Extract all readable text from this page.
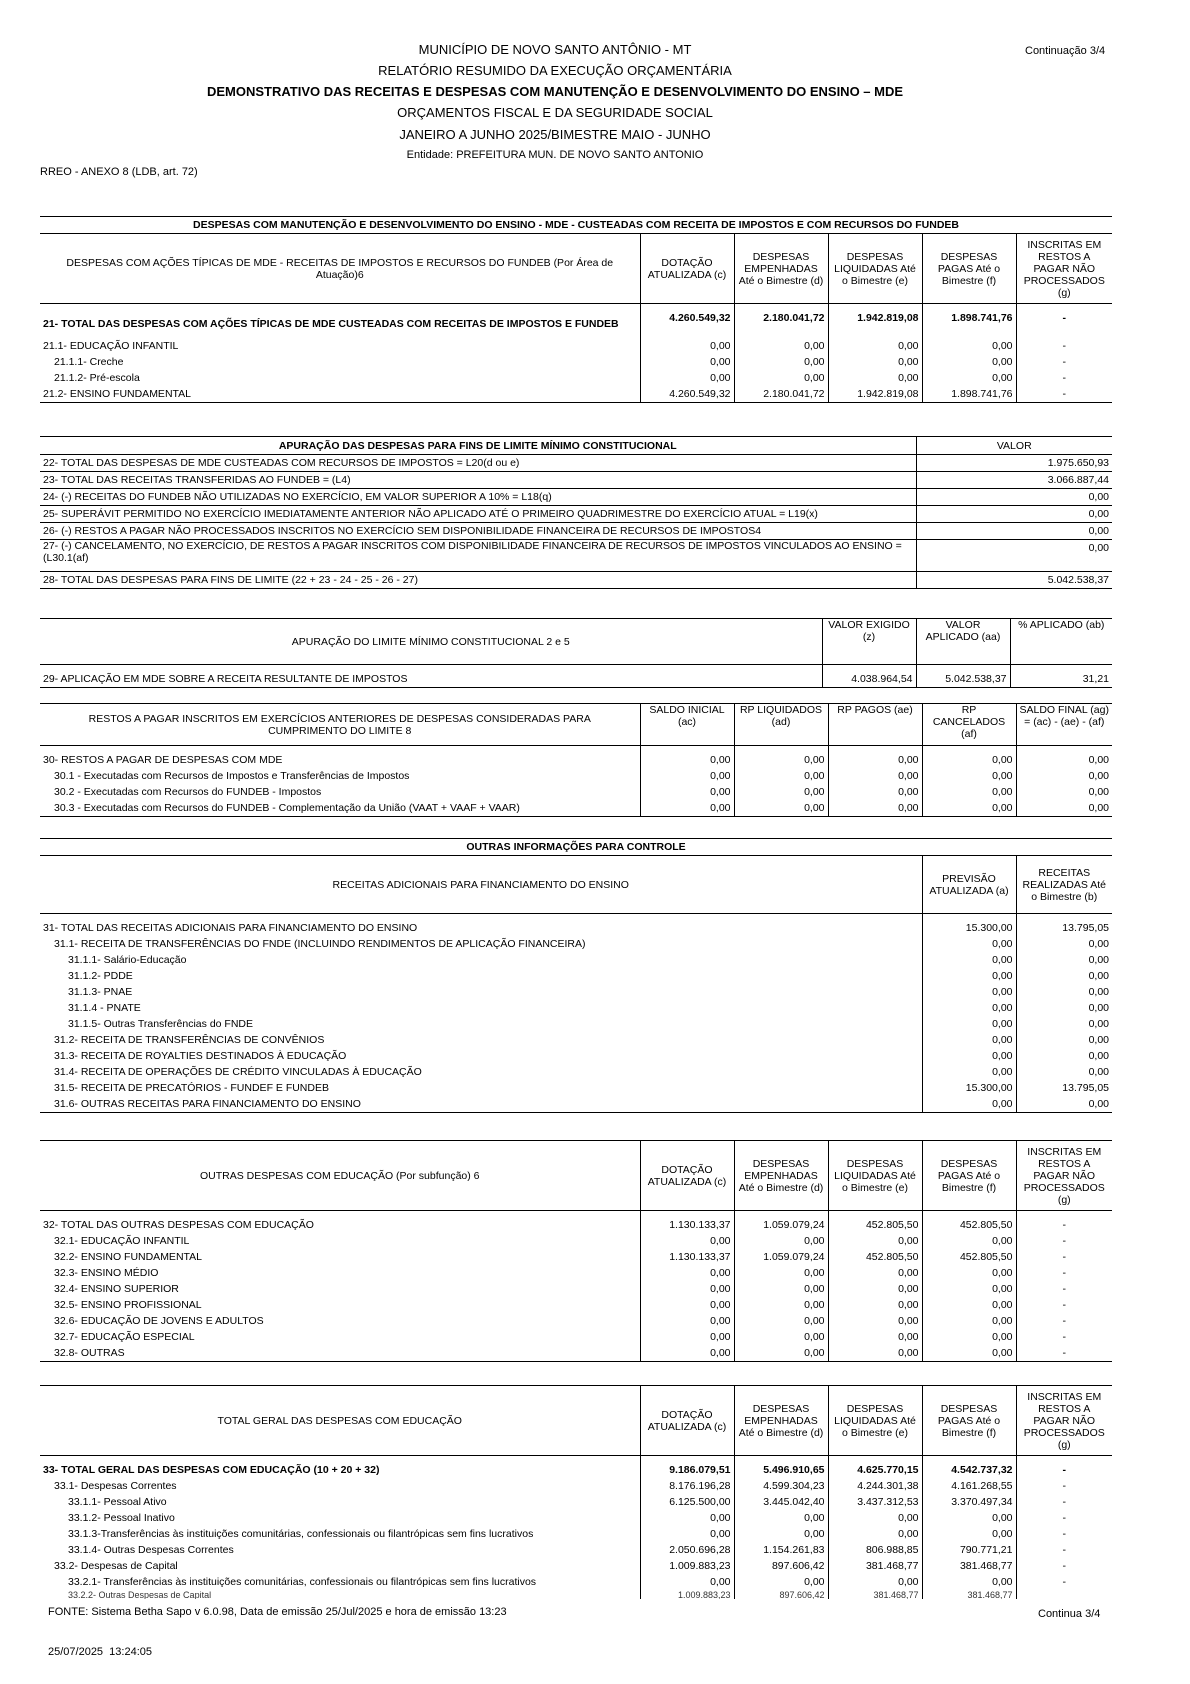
MUNICÍPIO DE NOVO SANTO ANTÔNIO - MT
RELATÓRIO RESUMIDO DA EXECUÇÃO ORÇAMENTÁRIA
DEMONSTRATIVO DAS RECEITAS E DESPESAS COM MANUTENÇÃO E DESENVOLVIMENTO DO ENSINO – MDE
ORÇAMENTOS FISCAL E DA SEGURIDADE SOCIAL
JANEIRO A JUNHO 2025/BIMESTRE MAIO - JUNHO
Entidade: PREFEITURA MUN. DE NOVO SANTO ANTONIO
Continuação 3/4
RREO - ANEXO 8 (LDB, art. 72)
DESPESAS COM MANUTENÇÃO E DESENVOLVIMENTO DO ENSINO - MDE - CUSTEADAS COM RECEITA DE IMPOSTOS E COM RECURSOS DO FUNDEB					
DESPESAS COM AÇÕES TÍPICAS DE MDE - RECEITAS DE IMPOSTOS E RECURSOS DO FUNDEB (Por Área de Atuação)6	DOTAÇÃO ATUALIZADA (c)	DESPESAS EMPENHADAS Até o Bimestre (d)	DESPESAS LIQUIDADAS Até o Bimestre (e)	DESPESAS PAGAS Até o Bimestre (f)	INSCRITAS EM RESTOS A PAGAR NÃO PROCESSADOS (g)

21- TOTAL DAS DESPESAS COM AÇÕES TÍPICAS DE MDE CUSTEADAS COM RECEITAS DE IMPOSTOS E FUNDEB	4.260.549,32	2.180.041,72	1.942.819,08	1.898.741,76	-
21.1- EDUCAÇÃO INFANTIL	0,00	0,00	0,00	0,00	-
21.1.1- Creche	0,00	0,00	0,00	0,00	-
21.1.2- Pré-escola	0,00	0,00	0,00	0,00	-
21.2- ENSINO FUNDAMENTAL	4.260.549,32	2.180.041,72	1.942.819,08	1.898.741,76	-
APURAÇÃO DAS DESPESAS PARA FINS DE LIMITE MÍNIMO CONSTITUCIONAL	VALOR
22- TOTAL DAS DESPESAS DE MDE CUSTEADAS COM RECURSOS DE IMPOSTOS = L20(d ou e)	1.975.650,93
23- TOTAL DAS RECEITAS TRANSFERIDAS AO FUNDEB = (L4)	3.066.887,44
24- (-) RECEITAS DO FUNDEB NÃO UTILIZADAS NO EXERCÍCIO, EM VALOR SUPERIOR A 10% = L18(q)	0,00
25- SUPERÁVIT PERMITIDO NO EXERCÍCIO IMEDIATAMENTE ANTERIOR NÃO APLICADO ATÉ O PRIMEIRO QUADRIMESTRE DO EXERCÍCIO ATUAL = L19(x)	0,00
26- (-) RESTOS A PAGAR NÃO PROCESSADOS INSCRITOS NO EXERCÍCIO SEM DISPONIBILIDADE FINANCEIRA DE RECURSOS DE IMPOSTOS4	0,00
27- (-) CANCELAMENTO, NO EXERCÍCIO, DE RESTOS A PAGAR INSCRITOS COM DISPONIBILIDADE FINANCEIRA DE RECURSOS DE IMPOSTOS VINCULADOS AO ENSINO = (L30.1(af)	0,00
28- TOTAL DAS DESPESAS PARA FINS DE LIMITE (22 + 23 - 24 - 25 - 26 - 27)	5.042.538,37
APURAÇÃO DO LIMITE MÍNIMO CONSTITUCIONAL 2 e 5	VALOR EXIGIDO (z)	VALOR APLICADO (aa)	% APLICADO (ab)

29- APLICAÇÃO EM MDE SOBRE A RECEITA RESULTANTE DE IMPOSTOS	4.038.964,54	5.042.538,37	31,21
RESTOS A PAGAR INSCRITOS EM EXERCÍCIOS ANTERIORES DE DESPESAS CONSIDERADAS PARA CUMPRIMENTO DO LIMITE 8	SALDO INICIAL (ac)	RP LIQUIDADOS (ad)	RP PAGOS (ae)	RP CANCELADOS (af)	SALDO FINAL (ag) = (ac) - (ae) - (af)

30- RESTOS A PAGAR DE DESPESAS COM MDE	0,00	0,00	0,00	0,00	0,00
30.1 - Executadas com Recursos de Impostos e Transferências de Impostos	0,00	0,00	0,00	0,00	0,00
30.2 - Executadas com Recursos do FUNDEB - Impostos	0,00	0,00	0,00	0,00	0,00
30.3 - Executadas com Recursos do FUNDEB - Complementação da União (VAAT + VAAF + VAAR)	0,00	0,00	0,00	0,00	0,00
OUTRAS INFORMAÇÕES PARA CONTROLE		
RECEITAS ADICIONAIS PARA FINANCIAMENTO DO ENSINO	PREVISÃO ATUALIZADA (a)	RECEITAS REALIZADAS Até o Bimestre (b)

31- TOTAL DAS RECEITAS ADICIONAIS PARA FINANCIAMENTO DO ENSINO	15.300,00	13.795,05
31.1- RECEITA DE TRANSFERÊNCIAS DO FNDE (INCLUINDO RENDIMENTOS DE APLICAÇÃO FINANCEIRA)	0,00	0,00
31.1.1- Salário-Educação	0,00	0,00
31.1.2- PDDE	0,00	0,00
31.1.3- PNAE	0,00	0,00
31.1.4 - PNATE	0,00	0,00
31.1.5- Outras Transferências do FNDE	0,00	0,00
31.2- RECEITA DE TRANSFERÊNCIAS DE CONVÊNIOS	0,00	0,00
31.3- RECEITA DE ROYALTIES DESTINADOS À EDUCAÇÃO	0,00	0,00
31.4- RECEITA DE OPERAÇÕES DE CRÉDITO VINCULADAS À EDUCAÇÃO	0,00	0,00
31.5- RECEITA DE PRECATÓRIOS - FUNDEF E FUNDEB	15.300,00	13.795,05
31.6- OUTRAS RECEITAS PARA FINANCIAMENTO DO ENSINO	0,00	0,00
OUTRAS DESPESAS COM EDUCAÇÃO (Por subfunção) 6	DOTAÇÃO ATUALIZADA (c)	DESPESAS EMPENHADAS Até o Bimestre (d)	DESPESAS LIQUIDADAS Até o Bimestre (e)	DESPESAS PAGAS Até o Bimestre (f)	INSCRITAS EM RESTOS A PAGAR NÃO PROCESSADOS (g)

32- TOTAL DAS OUTRAS DESPESAS COM EDUCAÇÃO	1.130.133,37	1.059.079,24	452.805,50	452.805,50	-
32.1- EDUCAÇÃO INFANTIL	0,00	0,00	0,00	0,00	-
32.2- ENSINO FUNDAMENTAL	1.130.133,37	1.059.079,24	452.805,50	452.805,50	-
32.3- ENSINO MÉDIO	0,00	0,00	0,00	0,00	-
32.4- ENSINO SUPERIOR	0,00	0,00	0,00	0,00	-
32.5- ENSINO PROFISSIONAL	0,00	0,00	0,00	0,00	-
32.6- EDUCAÇÃO DE JOVENS E ADULTOS	0,00	0,00	0,00	0,00	-
32.7- EDUCAÇÃO ESPECIAL	0,00	0,00	0,00	0,00	-
32.8- OUTRAS	0,00	0,00	0,00	0,00	-
TOTAL GERAL DAS DESPESAS COM EDUCAÇÃO	DOTAÇÃO ATUALIZADA (c)	DESPESAS EMPENHADAS Até o Bimestre (d)	DESPESAS LIQUIDADAS Até o Bimestre (e)	DESPESAS PAGAS Até o Bimestre (f)	INSCRITAS EM RESTOS A PAGAR NÃO PROCESSADOS (g)

33- TOTAL GERAL DAS DESPESAS COM EDUCAÇÃO (10 + 20 + 32)	9.186.079,51	5.496.910,65	4.625.770,15	4.542.737,32	-
33.1- Despesas Correntes	8.176.196,28	4.599.304,23	4.244.301,38	4.161.268,55	-
33.1.1- Pessoal Ativo	6.125.500,00	3.445.042,40	3.437.312,53	3.370.497,34	-
33.1.2- Pessoal Inativo	0,00	0,00	0,00	0,00	-
33.1.3-Transferências às instituições comunitárias, confessionais ou filantrópicas sem fins lucrativos	0,00	0,00	0,00	0,00	-
33.1.4- Outras Despesas Correntes	2.050.696,28	1.154.261,83	806.988,85	790.771,21	-
33.2- Despesas de Capital	1.009.883,23	897.606,42	381.468,77	381.468,77	-
33.2.1- Transferências às instituições comunitárias, confessionais ou filantrópicas sem fins lucrativos	0,00	0,00	0,00	0,00	-
33.2.2- Outras Despesas de Capital	1.009.883,23	897.606,42	381.468,77	381.468,77	
FONTE: Sistema Betha Sapo v 6.0.98, Data de emissão 25/Jul/2025 e hora de emissão 13:23	Continua 3/4
25/07/2025  13:24:05
